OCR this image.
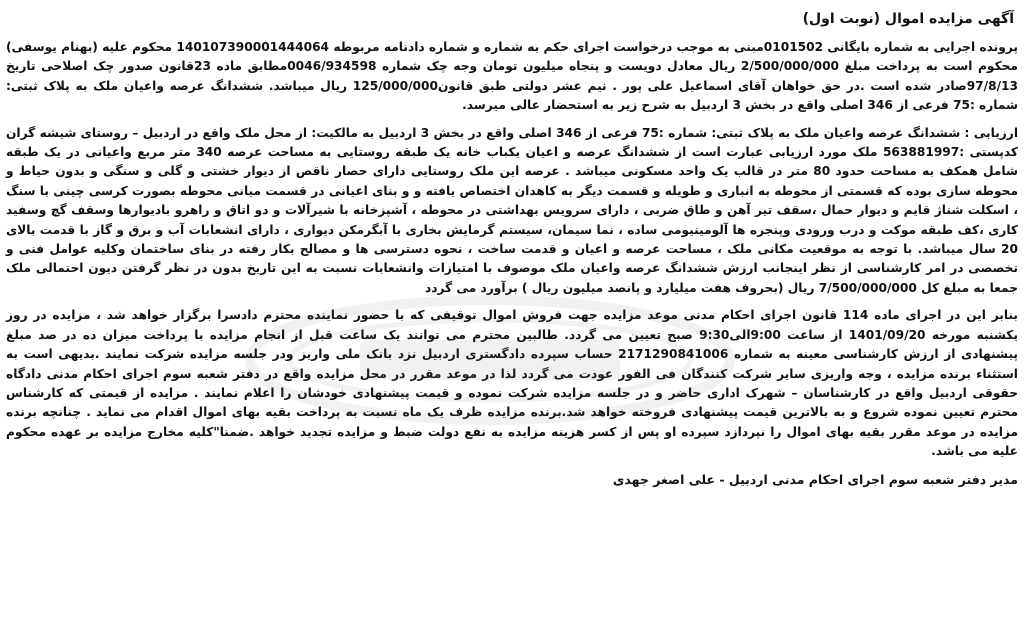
آگهی مزایده اموال (نوبت اول)

پرونده اجرایی به شماره بایگانی 0101502مبنی به موجب درخواست اجرای حکم به شماره و شماره دادنامه مربوطه 140107390001444064 محکوم علیه (بهنام یوسفی) محکوم است به پرداخت مبلغ 2/500/000/000 ریال معادل دویست و پنجاه میلیون تومان وجه چک شماره 0046/934598مطابق ماده 23قانون صدور چک اصلاحی تاریخ 97/8/13صادر شده است .در حق خواهان آقای اسماعیل علی پور . نیم عشر دولتی طبق قانون125/000/000 ریال میباشد. ششدانگ عرصه واعیان ملک به پلاک ثبتی: شماره :75 فرعی از 346 اصلی واقع در بخش 3 اردبیل به شرح زیر به استحضار عالی میرسد.

ارزیابی : ششدانگ عرصه واعیان ملک به پلاک ثبتی: شماره :75 فرعی از 346 اصلی واقع در بخش 3 اردبیل به مالکیت: از محل ملک واقع در اردبیل – روستای شیشه گران کدپستی :563881997 ملک مورد ارزیابی عبارت است از ششدانگ عرصه و اعیان یکباب خانه یک طبقه روستایی به مساحت عرصه 340 متر مربع واعیانی در یک طبقه شامل همکف به مساحت حدود 80 متر در قالب یک واحد مسکونی میباشد . عرصه این ملک روستایی دارای حصار ناقص از دیوار خشتی و گلی و سنگی و بدون حیاط و محوطه سازی بوده که قسمتی از محوطه به انباری و طویله و قسمت دیگر به کاهدان اختصاص یافته و و بنای اعیانی در قسمت میانی محوطه بصورت کرسی چینی با سنگ ، اسکلت شناژ قایم و دیوار حمال ،سقف تیر آهن و طاق ضربی ، دارای سرویس بهداشتی در محوطه ، آشپزخانه با شیرآلات و دو اتاق و راهرو بادیوارها وسقف گچ وسفید کاری ،کف طبقه موکت و درب ورودی وپنجره ها آلومینیومی ساده ، نما سیمان، سیستم گرمایش بخاری با آبگرمکن دیواری ، دارای انشعابات آب و برق و گاز با قدمت بالای 20 سال میباشد. با توجه به موقعیت مکانی ملک ، مساحت عرصه و اعیان و قدمت ساخت ، نحوه دسترسی ها و مصالح بکار رفته در بنای ساختمان وکلیه عوامل فنی و تخصصی در امر کارشناسی از نظر اینجانب ارزش ششدانگ عرصه واعیان ملک موصوف با امتیازات وانشعابات نسبت به این تاریخ بدون در نظر گرفتن دیون احتمالی ملک جمعا به مبلغ کل 7/500/000/000 ریال (بحروف هفت میلیارد و پانصد میلیون ریال ) برآورد می گردد

بنابر این در اجرای ماده 114 قانون اجرای احکام مدنی موعد مزایده جهت فروش اموال توقیفی که با حضور نماینده محترم دادسرا برگزار خواهد شد ، مزایده در روز یکشنبه مورخه 1401/09/20 از ساعت 9:00الی9:30 صبح تعیین می گردد. طالبین محترم می توانند یک ساعت قبل از انجام مزایده با پرداخت میزان ده در صد مبلغ پیشنهادی از ارزش کارشناسی معینه به شماره 2171290841006 حساب سپرده دادگستری اردبیل نزد بانک ملی واریز ودر جلسه مزایده شرکت نمایند .بدیهی است به استثناء برنده مزایده ، وجه واریزی سایر شرکت کنندگان فی الفور عودت می گردد لذا در موعد مقرر در محل مزایده واقع در دفتر شعبه سوم اجرای احکام مدنی دادگاه حقوقی اردبیل واقع در کارشناسان – شهرک اداری حاضر و در جلسه مزایده شرکت نموده و قیمت پیشنهادی خودشان را اعلام نمایند . مزایده از قیمتی که کارشناس محترم تعیین نموده شروع و به بالاترین قیمت پیشنهادی فروخته خواهد شد.برنده مزایده ظرف یک ماه نسبت به پرداخت بقیه بهای اموال اقدام می نماید . چنانچه برنده مزایده در موعد مقرر بقیه بهای اموال را نپردازد سپرده او پس از کسر هزینه مزایده به نفع دولت ضبط و مزایده تجدید خواهد .ضمنا"کلیه مخارج مزایده بر عهده محکوم علیه می باشد.

مدیر دفتر شعبه سوم اجرای احکام مدنی اردبیل - علی اصغر جهدی
